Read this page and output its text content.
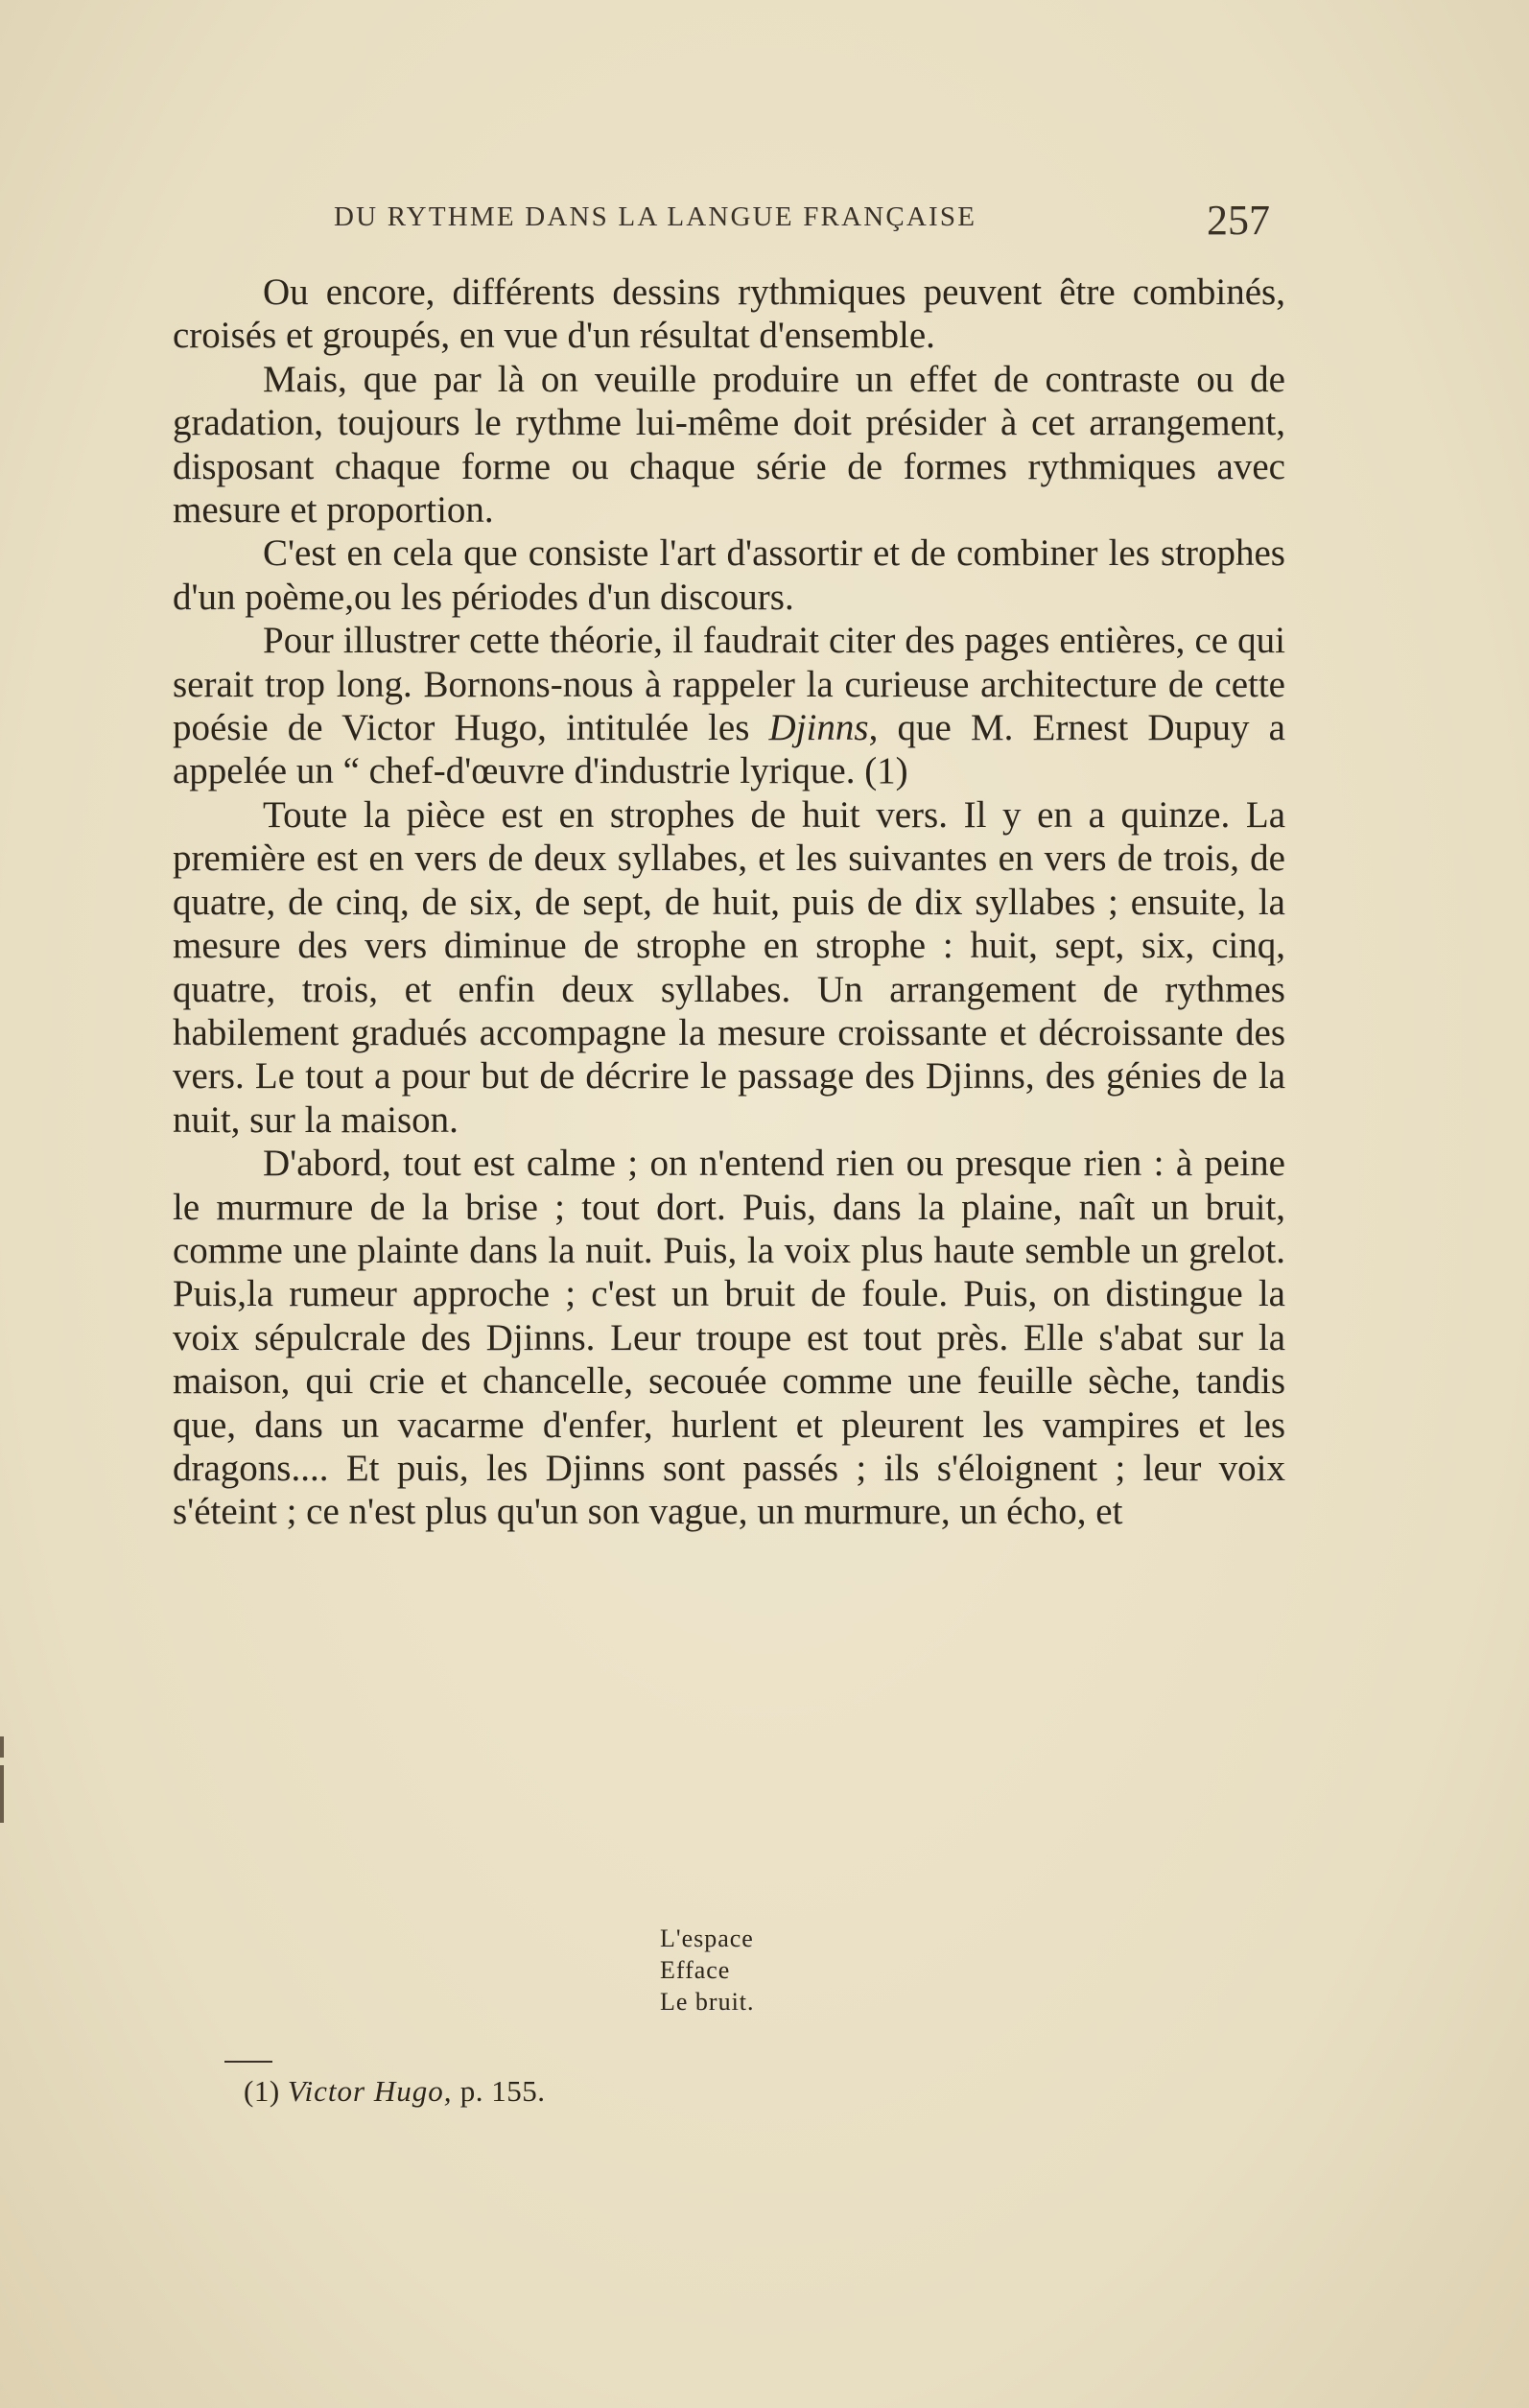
DU RYTHME DANS LA LANGUE FRANÇAISE	257

Ou encore, différents dessins rythmiques peuvent être combinés, croisés et groupés, en vue d'un résultat d'ensemble.

Mais, que par là on veuille produire un effet de contraste ou de gradation, toujours le rythme lui-même doit présider à cet arrangement, disposant chaque forme ou chaque série de formes rythmiques avec mesure et proportion.

C'est en cela que consiste l'art d'assortir et de combiner les strophes d'un poème,ou les périodes d'un discours.

Pour illustrer cette théorie, il faudrait citer des pages entières, ce qui serait trop long. Bornons-nous à rappeler la curieuse architecture de cette poésie de Victor Hugo, intitulée les Djinns, que M. Ernest Dupuy a appelée un “ chef-d'œuvre d'industrie lyrique. (1)

Toute la pièce est en strophes de huit vers. Il y en a quinze. La première est en vers de deux syllabes, et les suivantes en vers de trois, de quatre, de cinq, de six, de sept, de huit, puis de dix syllabes ; ensuite, la mesure des vers diminue de strophe en strophe : huit, sept, six, cinq, quatre, trois, et enfin deux syllabes. Un arrangement de rythmes habilement gradués accompagne la mesure croissante et décroissante des vers. Le tout a pour but de décrire le passage des Djinns, des génies de la nuit, sur la maison.

D'abord, tout est calme ; on n'entend rien ou presque rien : à peine le murmure de la brise ; tout dort. Puis, dans la plaine, naît un bruit, comme une plainte dans la nuit. Puis, la voix plus haute semble un grelot. Puis,la rumeur approche ; c'est un bruit de foule. Puis, on distingue la voix sépulcrale des Djinns. Leur troupe est tout près. Elle s'abat sur la maison, qui crie et chancelle, secouée comme une feuille sèche, tandis que, dans un vacarme d'enfer, hurlent et pleurent les vampires et les dragons.... Et puis, les Djinns sont passés ; ils s'éloignent ; leur voix s'éteint ; ce n'est plus qu'un son vague, un murmure, un écho, et

L'espace
Efface
Le bruit.
(1) Victor Hugo, p. 155.
